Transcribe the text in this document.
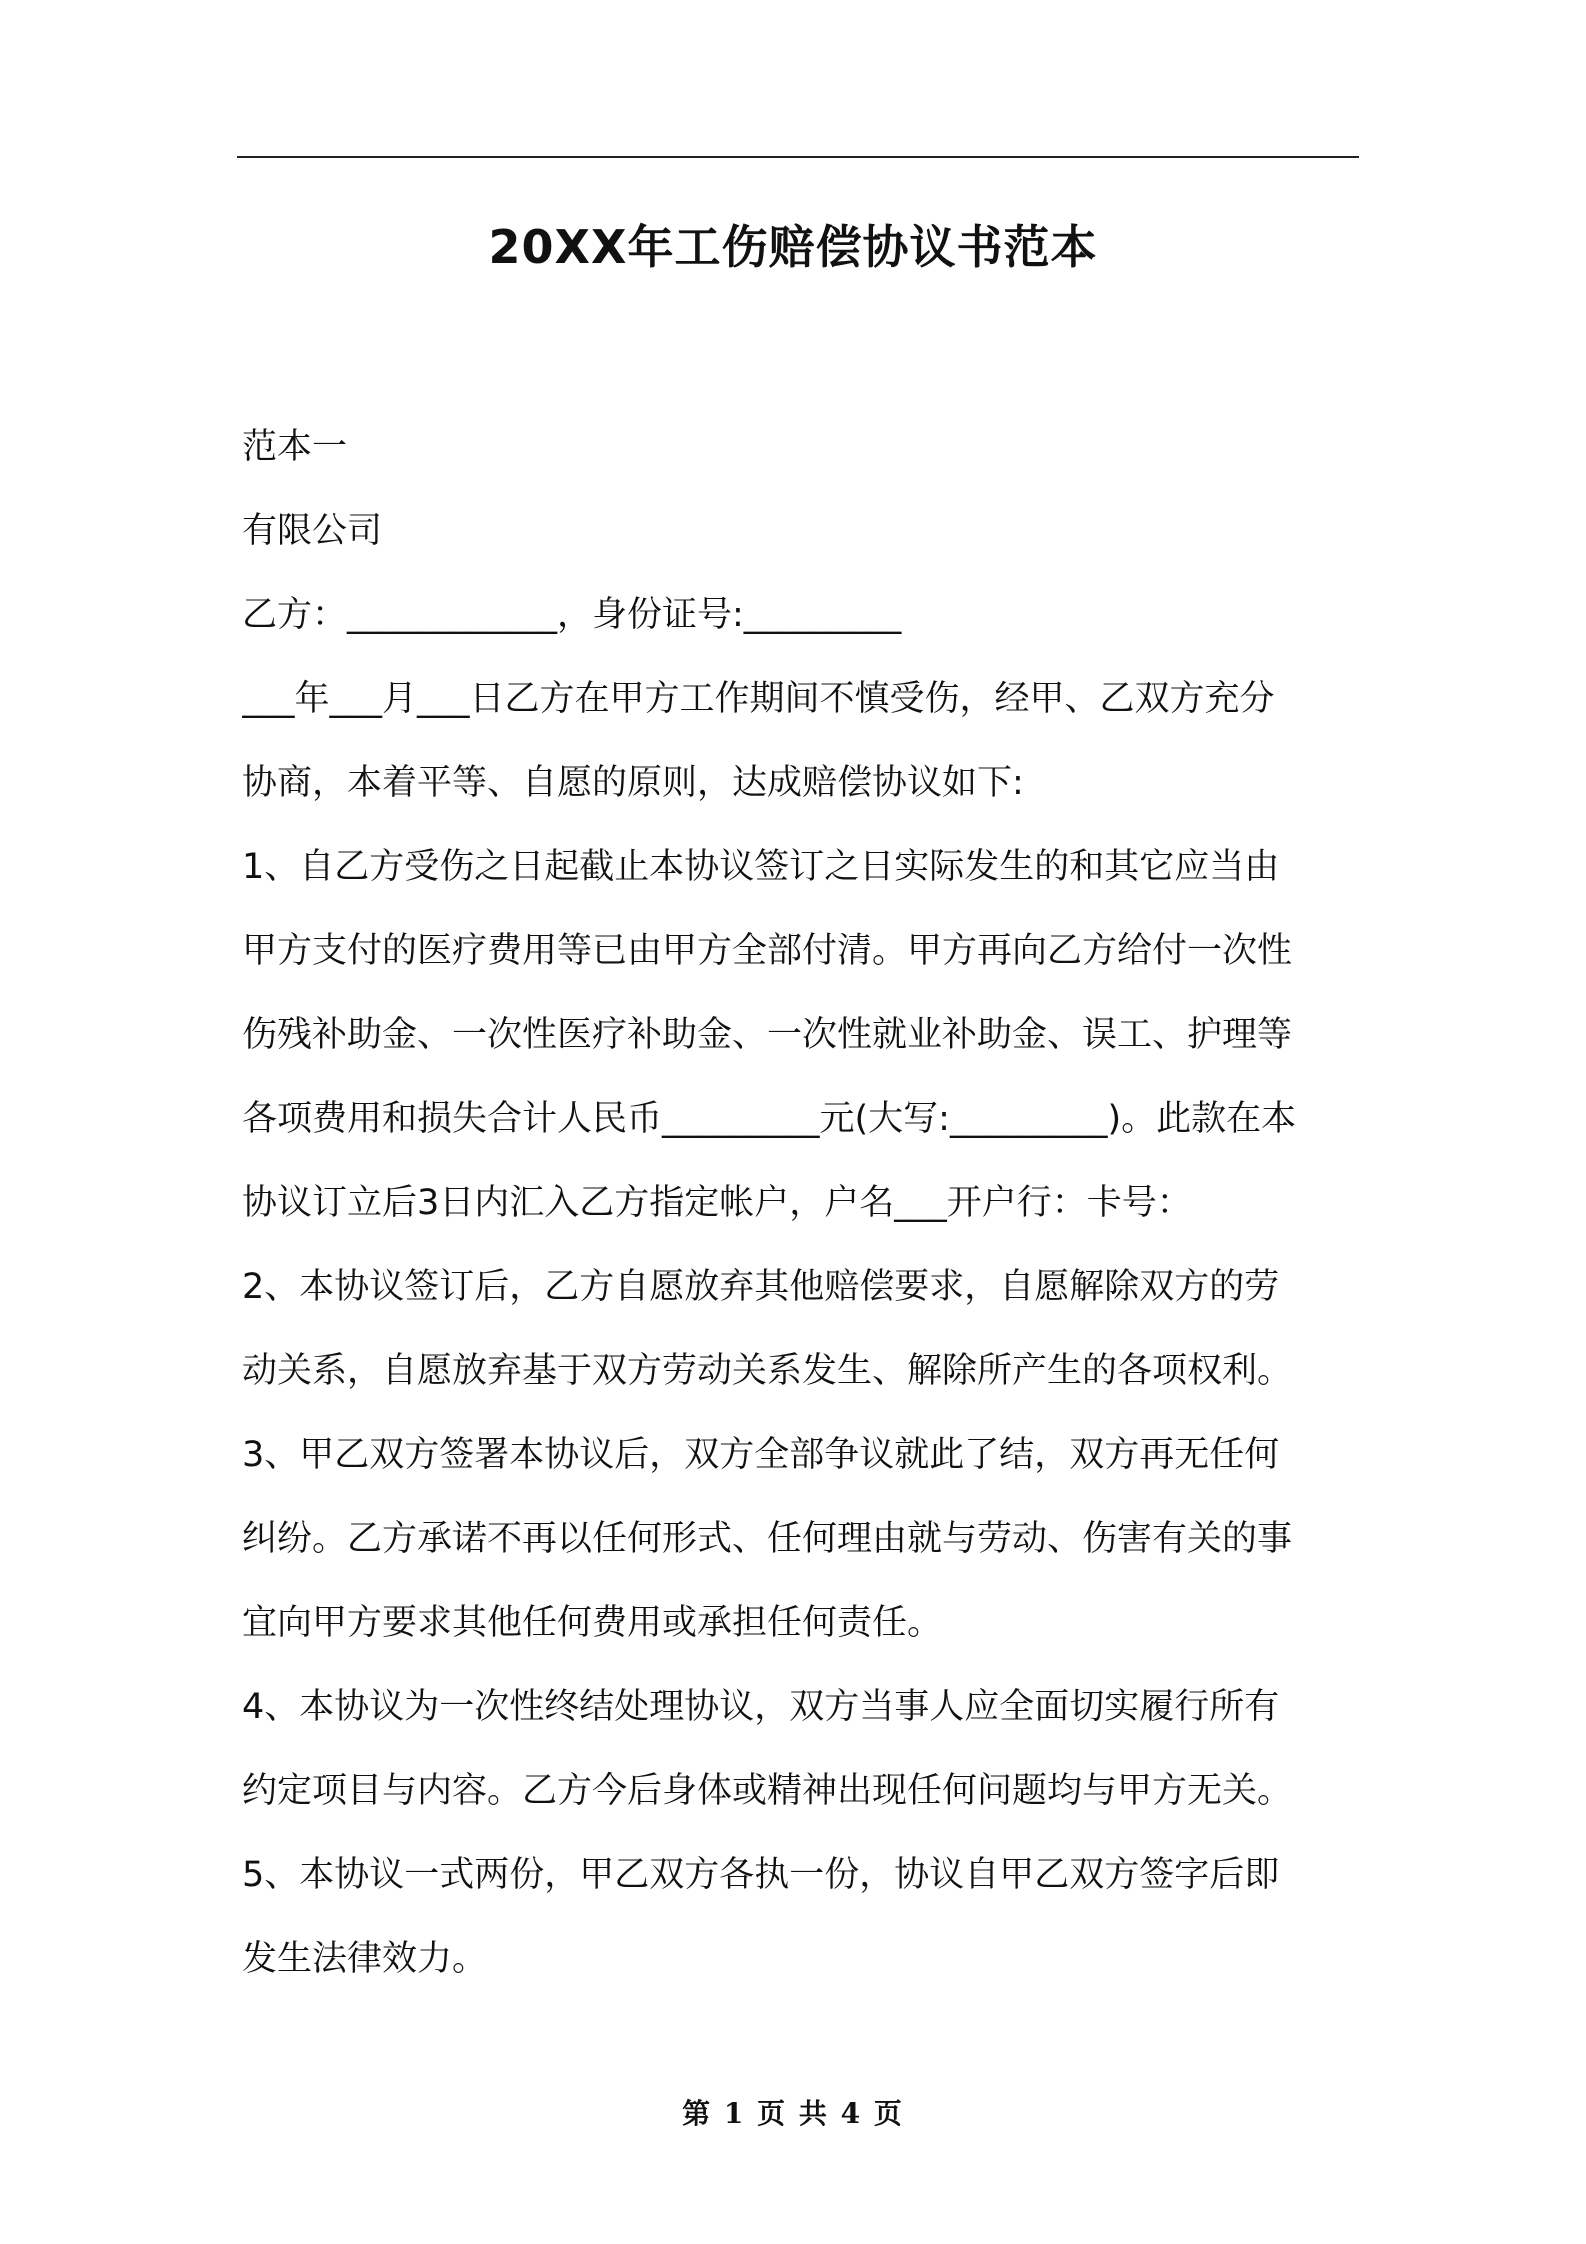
20XX年工伤赔偿协议书范本
范本一
有限公司
乙方：____________，身份证号:_________
___年___月___日乙方在甲方工作期间不慎受伤，经甲、乙双方充分
协商，本着平等、自愿的原则，达成赔偿协议如下:
1、自乙方受伤之日起截止本协议签订之日实际发生的和其它应当由
甲方支付的医疗费用等已由甲方全部付清。甲方再向乙方给付一次性
伤残补助金、一次性医疗补助金、一次性就业补助金、误工、护理等
各项费用和损失合计人民币_________元(大写:_________)。此款在本
协议订立后3日内汇入乙方指定帐户，户名___开户行：卡号：
2、本协议签订后，乙方自愿放弃其他赔偿要求，自愿解除双方的劳
动关系，自愿放弃基于双方劳动关系发生、解除所产生的各项权利。
3、甲乙双方签署本协议后，双方全部争议就此了结，双方再无任何
纠纷。乙方承诺不再以任何形式、任何理由就与劳动、伤害有关的事
宜向甲方要求其他任何费用或承担任何责任。
4、本协议为一次性终结处理协议，双方当事人应全面切实履行所有
约定项目与内容。乙方今后身体或精神出现任何问题均与甲方无关。
5、本协议一式两份，甲乙双方各执一份，协议自甲乙双方签字后即
发生法律效力。
第 1 页 共 4 页
